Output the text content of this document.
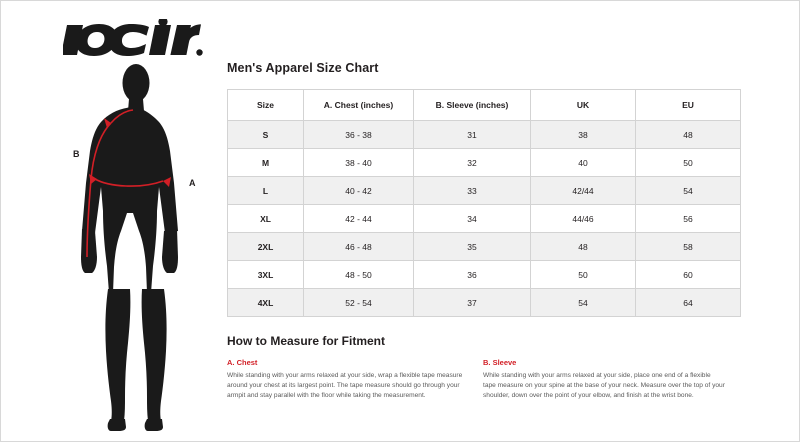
B
A
Men's Apparel Size Chart
Size	A. Chest (inches)	B. Sleeve (inches)	UK	EU
S	36 - 38	31	38	48
M	38 - 40	32	40	50
L	40 - 42	33	42/44	54
XL	42 - 44	34	44/46	56
2XL	46 - 48	35	48	58
3XL	48 - 50	36	50	60
4XL	52 - 54	37	54	64
How to Measure for Fitment
A. Chest
While standing with your arms relaxed at your side, wrap a flexible tape measure around your chest at its largest point. The tape measure should go through your armpit and stay parallel with the floor while taking the measurement.
B. Sleeve
While standing with your arms relaxed at your side, place one end of a flexible tape measure on your spine at the base of your neck. Measure over the top of your shoulder, down over the point of your elbow, and finish at the wrist bone.
